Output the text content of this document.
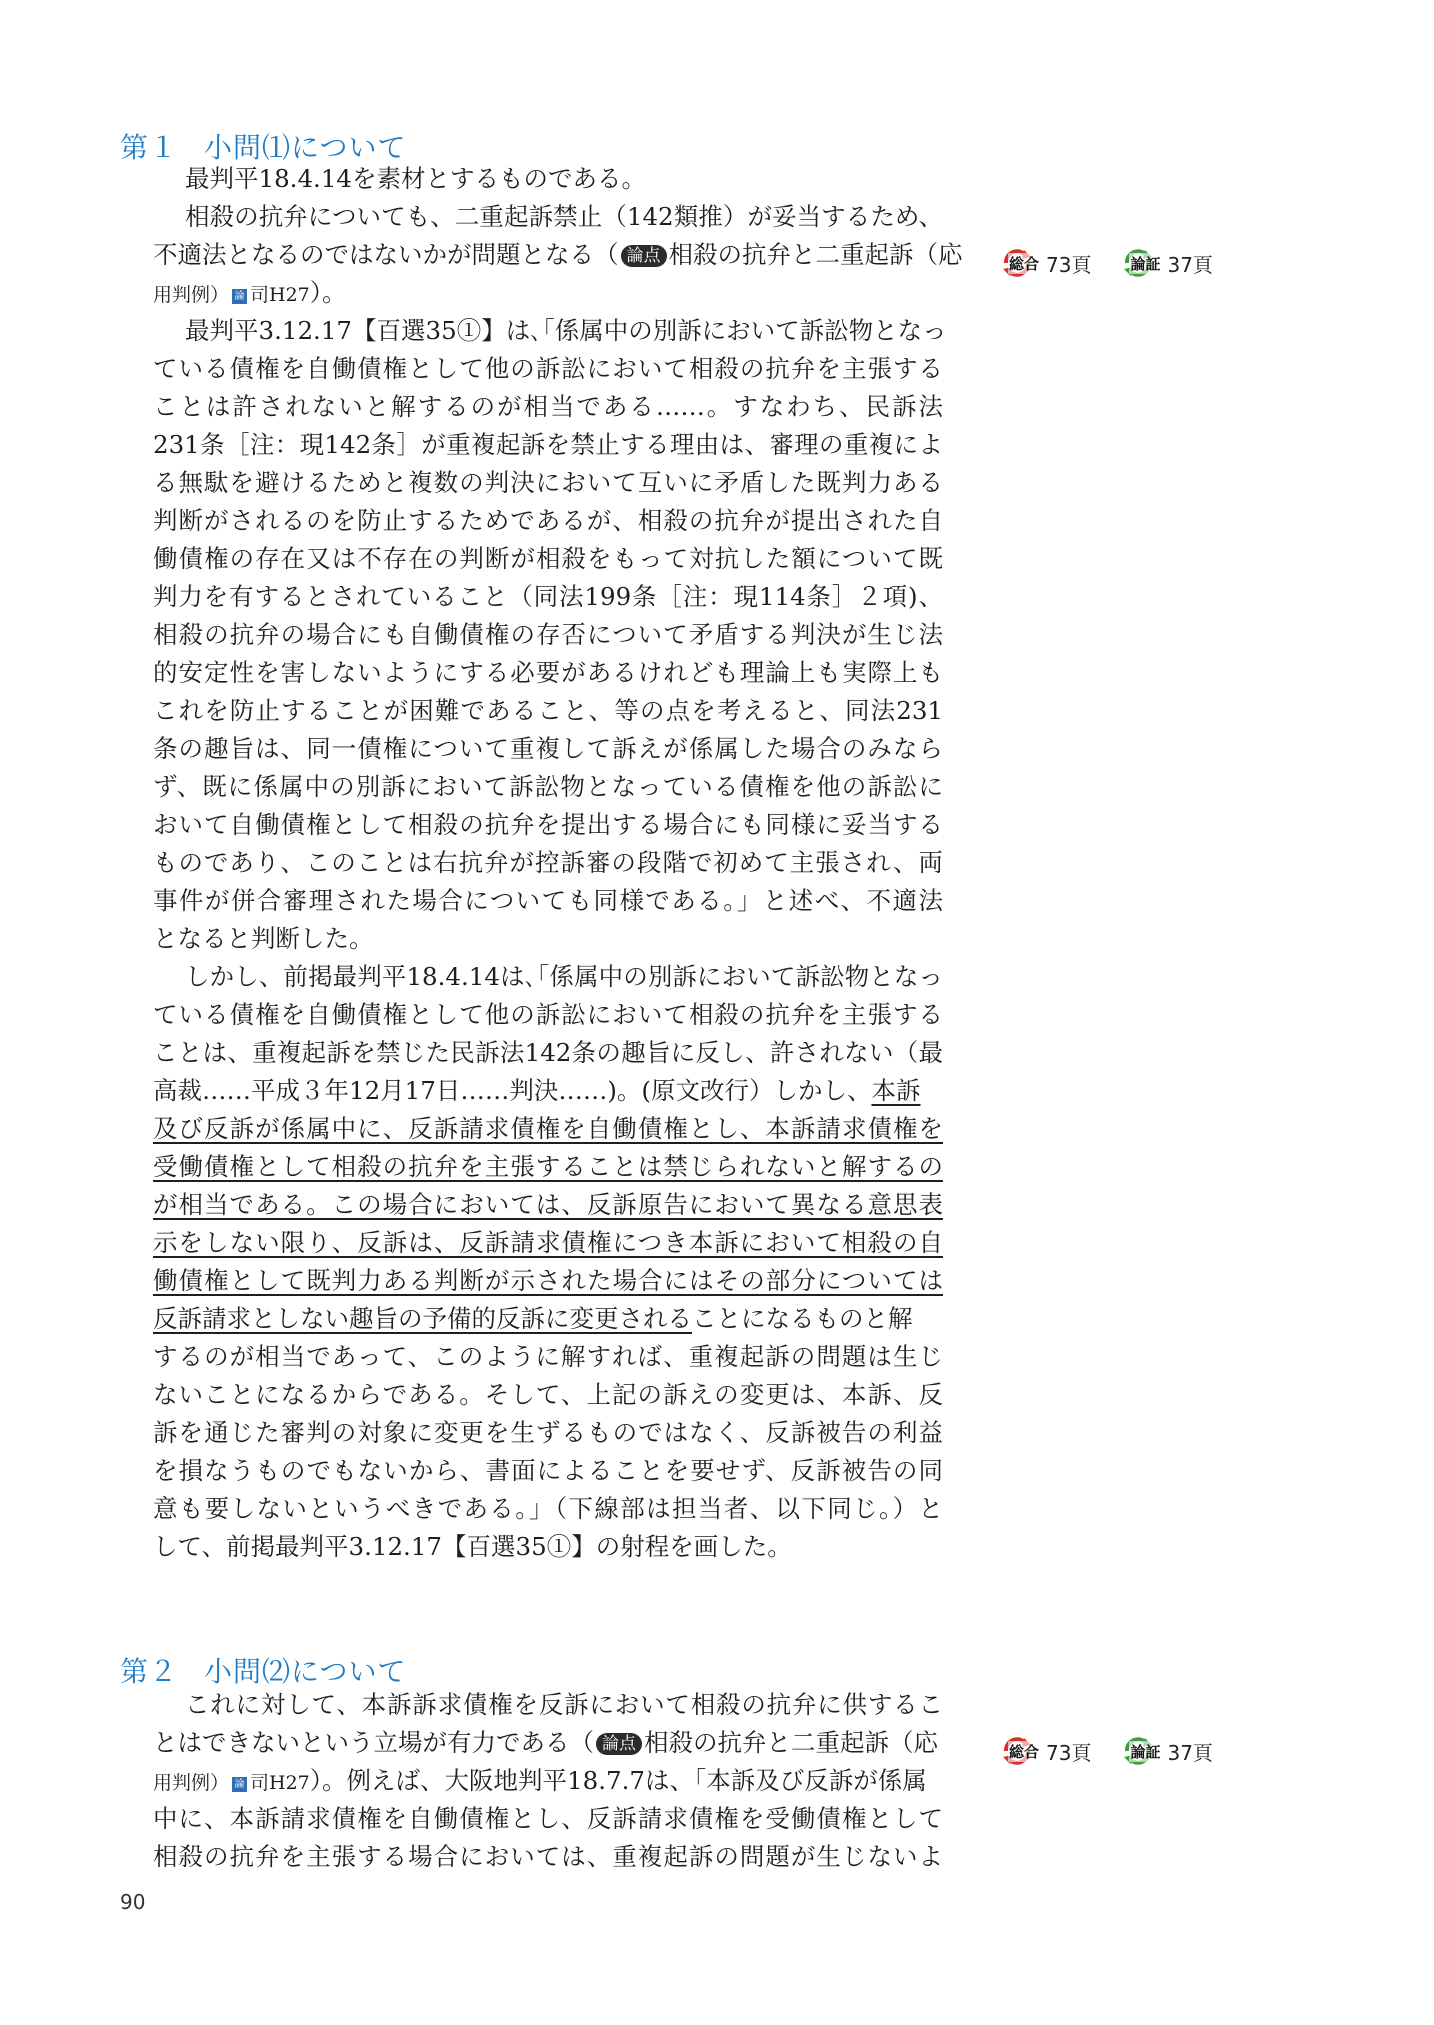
第１ 小問⑴について
最判平18.4.14を素材とするものである。
相殺の抗弁についても、二重起訴禁止（142類推）が妥当するため、
不適法となるのではないかが問題となる（ 論点 相殺の抗弁と二重起訴（応
用判例） 論 司H27）。
最判平3.12.17【百選35①】は､｢係属中の別訴において訴訟物となっ
ている債権を自働債権として他の訴訟において相殺の抗弁を主張する
ことは許されないと解するのが相当である……。すなわち、民訴法
231条［注：現142条］が重複起訴を禁止する理由は、審理の重複によ
る無駄を避けるためと複数の判決において互いに矛盾した既判力ある
判断がされるのを防止するためであるが、相殺の抗弁が提出された自
働債権の存在又は不存在の判断が相殺をもって対抗した額について既
判力を有するとされていること（同法199条［注：現114条］２項)、
相殺の抗弁の場合にも自働債権の存否について矛盾する判決が生じ法
的安定性を害しないようにする必要があるけれども理論上も実際上も
これを防止することが困難であること、等の点を考えると、同法231
条の趣旨は、同一債権について重複して訴えが係属した場合のみなら
ず、既に係属中の別訴において訴訟物となっている債権を他の訴訟に
おいて自働債権として相殺の抗弁を提出する場合にも同様に妥当する
ものであり、このことは右抗弁が控訴審の段階で初めて主張され、両
事件が併合審理された場合についても同様である。」と述べ、不適法
となると判断した。
しかし、前掲最判平18.4.14は､｢係属中の別訴において訴訟物となっ
ている債権を自働債権として他の訴訟において相殺の抗弁を主張する
ことは、重複起訴を禁じた民訴法142条の趣旨に反し、許されない（最
高裁……平成３年12月17日……判決……)。(原文改行）しかし、本訴
及び反訴が係属中に、反訴請求債権を自働債権とし、本訴請求債権を
受働債権として相殺の抗弁を主張することは禁じられないと解するの
が相当である。この場合においては、反訴原告において異なる意思表
示をしない限り、反訴は、反訴請求債権につき本訴において相殺の自
働債権として既判力ある判断が示された場合にはその部分については
反訴請求としない趣旨の予備的反訴に変更されることになるものと解
するのが相当であって、このように解すれば、重複起訴の問題は生じ
ないことになるからである。そして、上記の訴えの変更は、本訴、反
訴を通じた審判の対象に変更を生ずるものではなく、反訴被告の利益
を損なうものでもないから、書面によることを要せず、反訴被告の同
意も要しないというべきである。｣（下線部は担当者、以下同じ。）と
して、前掲最判平3.12.17【百選35①】の射程を画した。
総合 73頁	論証 37頁
第２ 小問⑵について
これに対して、本訴訴求債権を反訴において相殺の抗弁に供するこ
とはできないという立場が有力である（ 論点 相殺の抗弁と二重起訴（応
用判例） 論 司H27）。例えば、大阪地判平18.7.7は、｢本訴及び反訴が係属
中に、本訴請求債権を自働債権とし、反訴請求債権を受働債権として
相殺の抗弁を主張する場合においては、重複起訴の問題が生じないよ
総合 73頁	論証 37頁
90
